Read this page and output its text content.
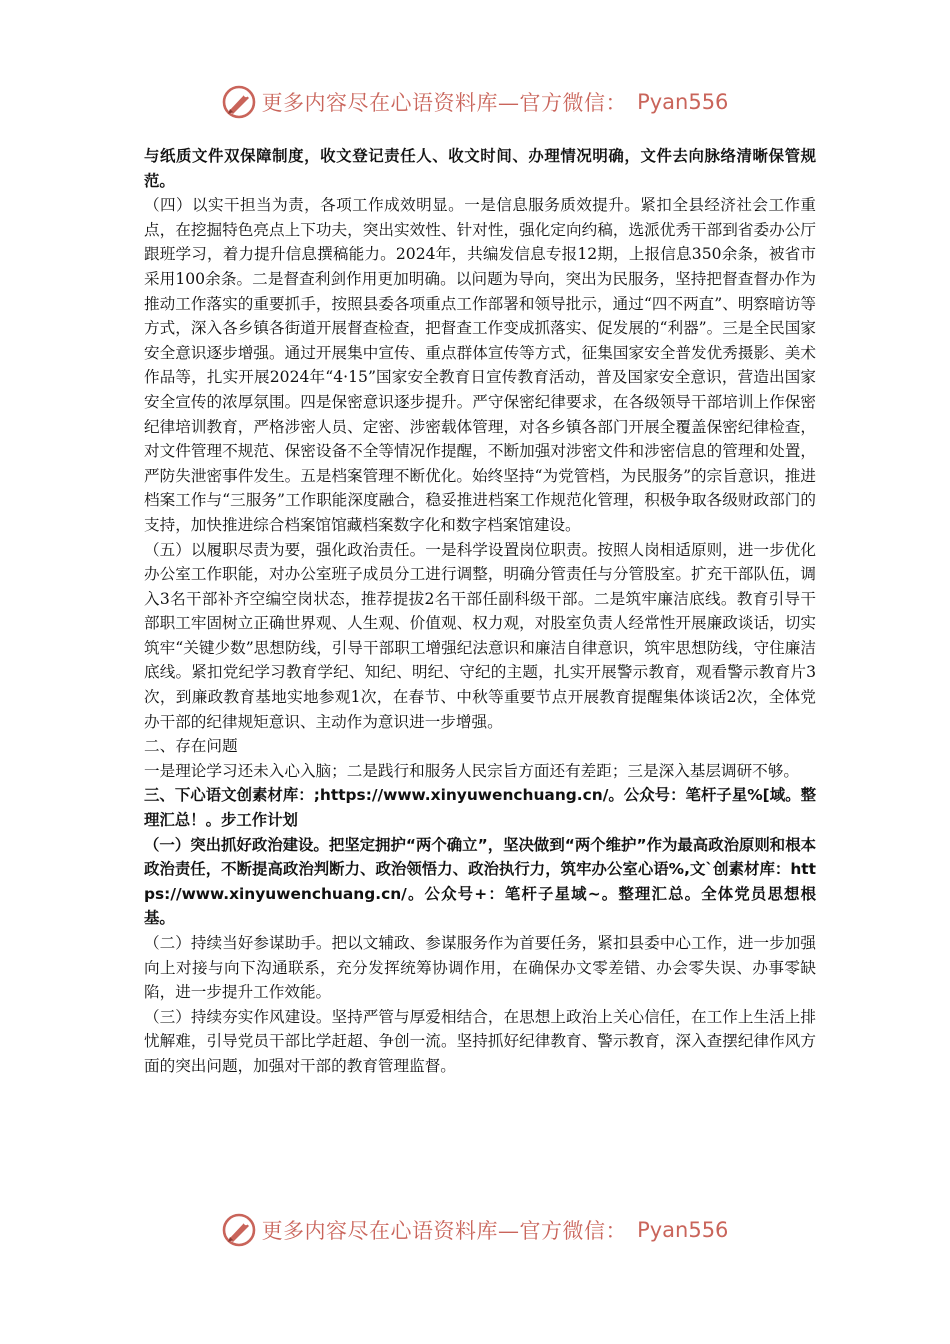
更多内容尽在心语资料库—官方微信： Pyan556

与纸质文件双保障制度，收文登记责任人、收文时间、办理情况明确，文件去向脉络清晰保管规范。

（四）以实干担当为责，各项工作成效明显。一是信息服务质效提升。紧扣全县经济社会工作重点，在挖掘特色亮点上下功夫，突出实效性、针对性，强化定向约稿，选派优秀干部到省委办公厅跟班学习，着力提升信息撰稿能力。2024年，共编发信息专报12期，上报信息350余条，被省市采用100余条。二是督查利剑作用更加明确。以问题为导向，突出为民服务，坚持把督查督办作为推动工作落实的重要抓手，按照县委各项重点工作部署和领导批示，通过“四不两直”、明察暗访等方式，深入各乡镇各街道开展督查检查，把督查工作变成抓落实、促发展的“利器”。三是全民国家安全意识逐步增强。通过开展集中宣传、重点群体宣传等方式，征集国家安全普发优秀摄影、美术作品等，扎实开展2024年“4·15”国家安全教育日宣传教育活动，普及国家安全意识，营造出国家安全宣传的浓厚氛围。四是保密意识逐步提升。严守保密纪律要求，在各级领导干部培训上作保密纪律培训教育，严格涉密人员、定密、涉密载体管理，对各乡镇各部门开展全覆盖保密纪律检查，对文件管理不规范、保密设备不全等情况作提醒，不断加强对涉密文件和涉密信息的管理和处置，严防失泄密事件发生。五是档案管理不断优化。始终坚持“为党管档，为民服务”的宗旨意识，推进档案工作与“三服务”工作职能深度融合，稳妥推进档案工作规范化管理，积极争取各级财政部门的支持，加快推进综合档案馆馆藏档案数字化和数字档案馆建设。

（五）以履职尽责为要，强化政治责任。一是科学设置岗位职责。按照人岗相适原则，进一步优化办公室工作职能，对办公室班子成员分工进行调整，明确分管责任与分管股室。扩充干部队伍，调入3名干部补齐空编空岗状态，推荐提拔2名干部任副科级干部。二是筑牢廉洁底线。教育引导干部职工牢固树立正确世界观、人生观、价值观、权力观，对股室负责人经常性开展廉政谈话，切实筑牢“关键少数”思想防线，引导干部职工增强纪法意识和廉洁自律意识，筑牢思想防线，守住廉洁底线。紧扣党纪学习教育学纪、知纪、明纪、守纪的主题，扎实开展警示教育，观看警示教育片3次，到廉政教育基地实地参观1次，在春节、中秋等重要节点开展教育提醒集体谈话2次，全体党办干部的纪律规矩意识、主动作为意识进一步增强。

二、存在问题

一是理论学习还未入心入脑；二是践行和服务人民宗旨方面还有差距；三是深入基层调研不够。

三、下心语文创素材库：;https://www.xinyuwenchuang.cn/。公众号：笔杆子星%[域。整理汇总！。步工作计划

（一）突出抓好政治建设。把坚定拥护“两个确立”，坚决做到“两个维护”作为最高政治原则和根本政治责任，不断提高政治判断力、政治领悟力、政治执行力，筑牢办公室心语%,文`创素材库：https://www.xinyuwenchuang.cn/。公众号+：笔杆子星域~。整理汇总。全体党员思想根基。

（二）持续当好参谋助手。把以文辅政、参谋服务作为首要任务，紧扣县委中心工作，进一步加强向上对接与向下沟通联系，充分发挥统筹协调作用，在确保办文零差错、办会零失误、办事零缺陷，进一步提升工作效能。

（三）持续夯实作风建设。坚持严管与厚爱相结合，在思想上政治上关心信任，在工作上生活上排忧解难，引导党员干部比学赶超、争创一流。坚持抓好纪律教育、警示教育，深入查摆纪律作风方面的突出问题，加强对干部的教育管理监督。

更多内容尽在心语资料库—官方微信： Pyan556
